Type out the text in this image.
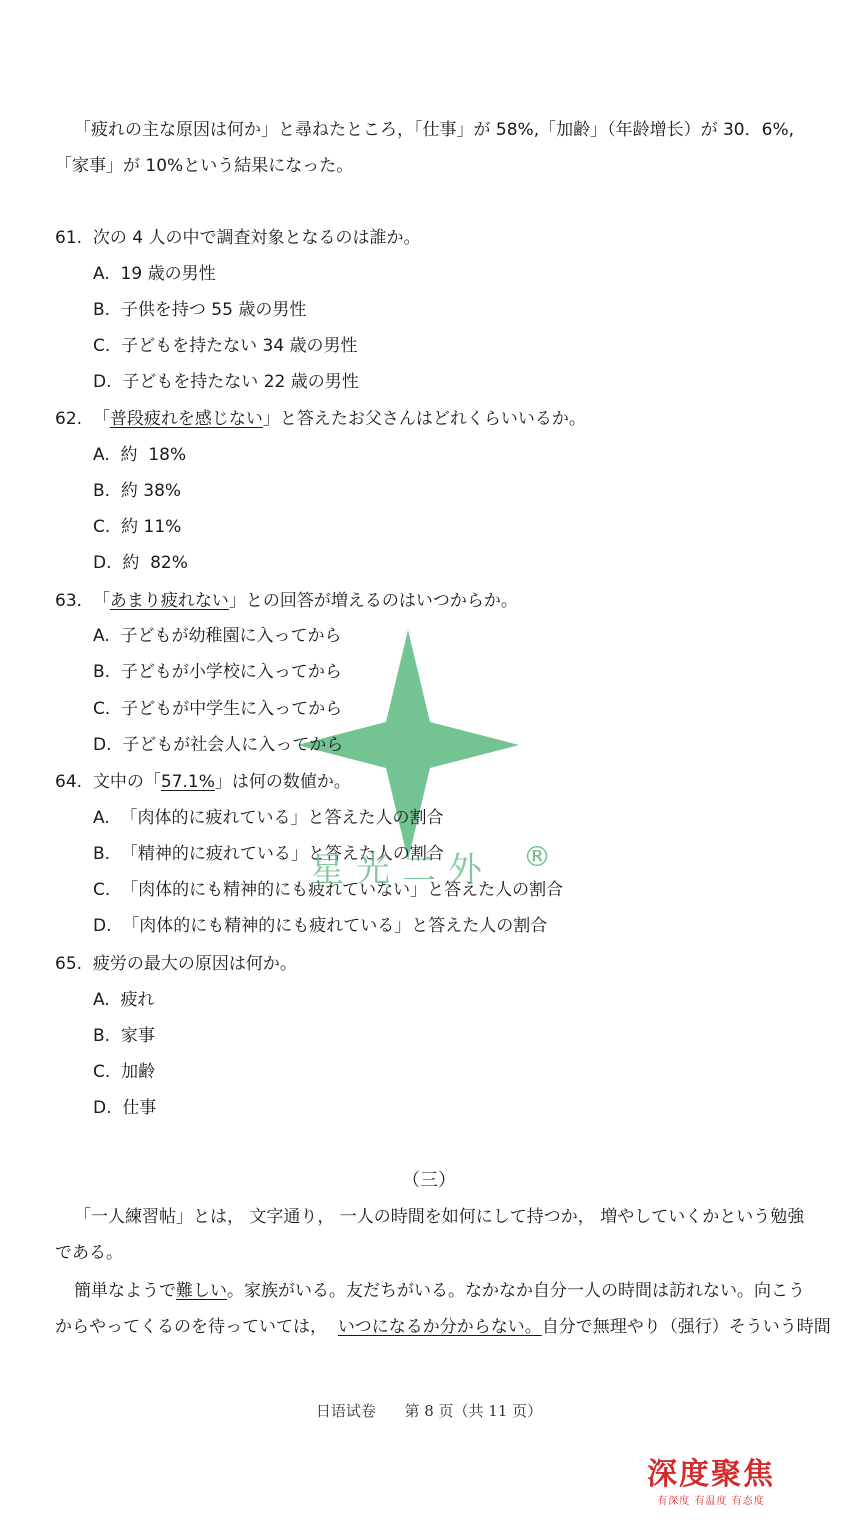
「疲れの主な原因は何か」と尋ねたところ，「仕事」が 58%,「加齢」（年龄增长）が 30．6%,
「家事」が 10%という結果になった。
61. 次の 4 人の中で調査対象となるのは誰か。
A. 19 歳の男性
B. 子供を持つ 55 歳の男性
C. 子どもを持たない 34 歳の男性
D. 子どもを持たない 22 歳の男性
62. 「普段疲れを感じない」と答えたお父さんはどれくらいいるか。
A. 約  18%
B. 約 38%
C. 約 11%
D. 約  82%
63. 「あまり疲れない」との回答が増えるのはいつからか。
A. 子どもが幼稚園に入ってから
B. 子どもが小学校に入ってから
C. 子どもが中学生に入ってから
D. 子どもが社会人に入ってから
64. 文中の「57.1%」は何の数値か。
A. 「肉体的に疲れている」と答えた人の割合
B. 「精神的に疲れている」と答えた人の割合
C. 「肉体的にも精神的にも疲れていない」と答えた人の割合
D. 「肉体的にも精神的にも疲れている」と答えた人の割合
65. 疲労の最大の原因は何か。
A. 疲れ
B. 家事
C. 加齢
D. 仕事
（三）
「一人練習帖」とは， 文字通り， 一人の時間を如何にして持つか， 増やしていくかという勉強
である。
簡単なようで難しい。家族がいる。友だちがいる。なかなか自分一人の時間は訪れない。向こう
からやってくるのを待っていては，  いつになるか分からない。自分で無理やり（强行）そういう時間
星光二外 ®
日语试卷      第 8 页（共 11 页）
深度聚焦
有深度 有温度 有态度
